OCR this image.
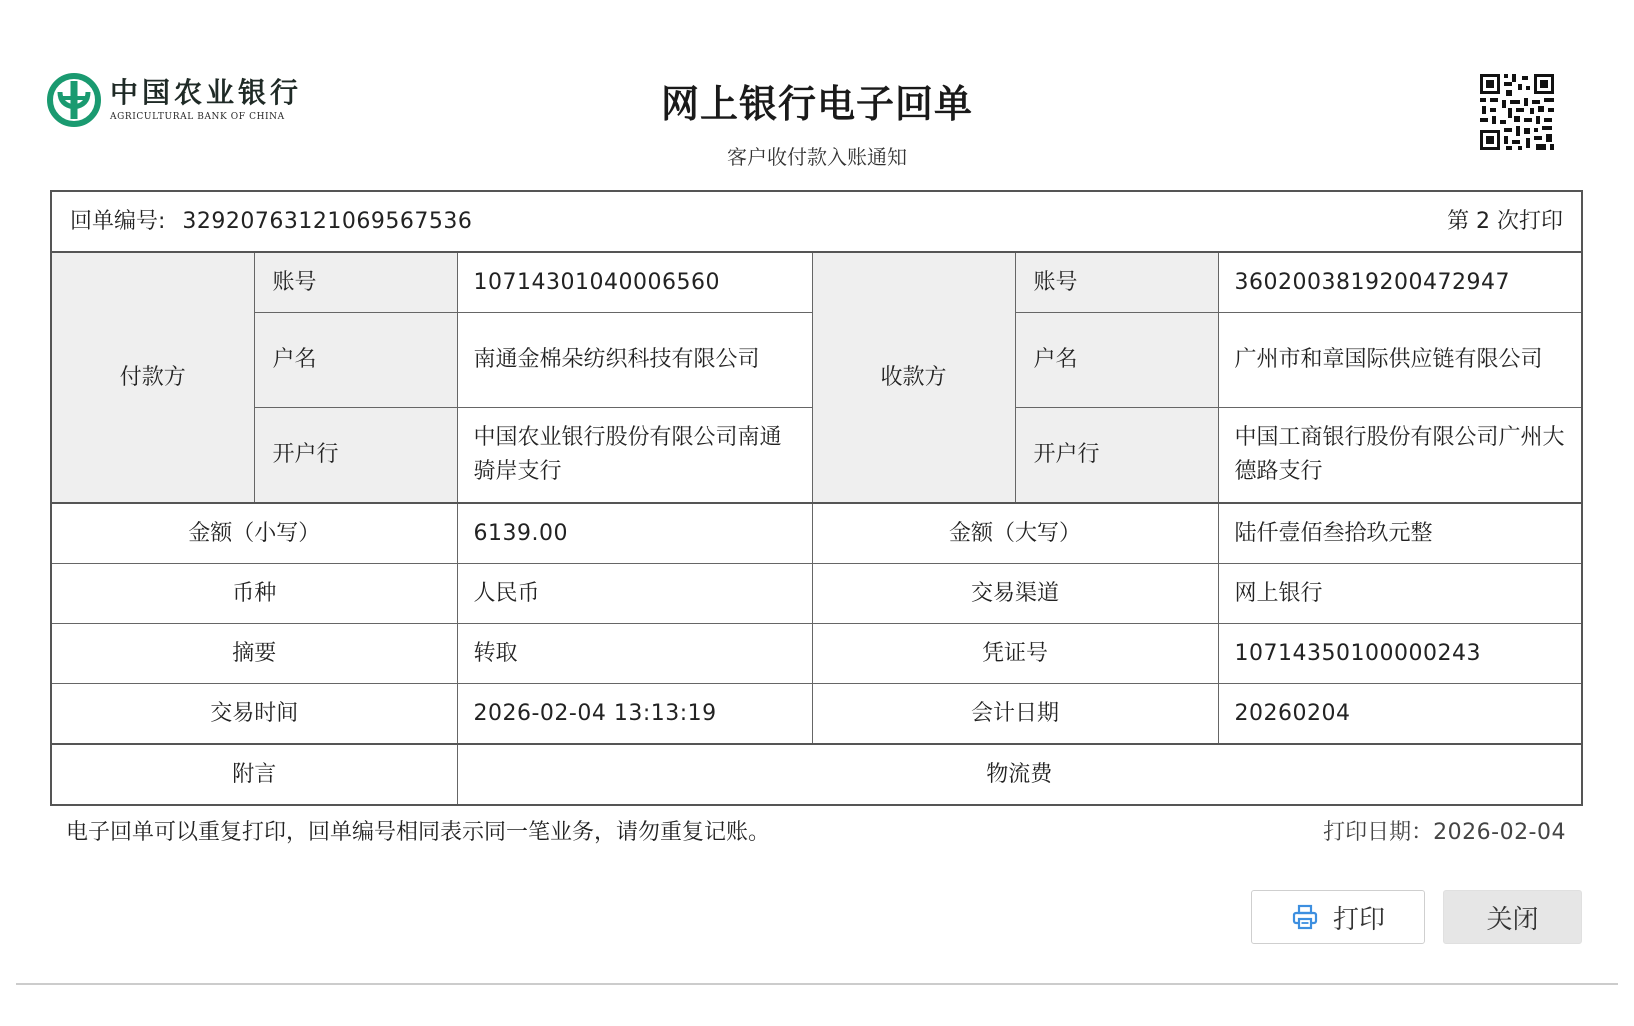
中国农业银行
AGRICULTURAL BANK OF CHINA	网上银行电子回单
客户收付款入账通知
回单编号: 32920763121069567536 第 2 次打印					

付款方	账号	10714301040006560	收款方	账号	3602003819200472947
	户名	南通金棉朵纺织科技有限公司		户名	广州市和章国际供应链有限公司
	开户行	中国农业银行股份有限公司南通骑岸支行		开户行	中国工商银行股份有限公司广州大德路支行
金额（小写）		6139.00	金额（大写）		陆仟壹佰叁拾玖元整
币种		人民币	交易渠道		网上银行
摘要		转取	凭证号		10714350100000243
交易时间		2026-02-04 13:13:19	会计日期		20260204
附言		物流费			
电子回单可以重复打印，回单编号相同表示同一笔业务，请勿重复记账。	打印日期：2026-02-04
打印	关闭
